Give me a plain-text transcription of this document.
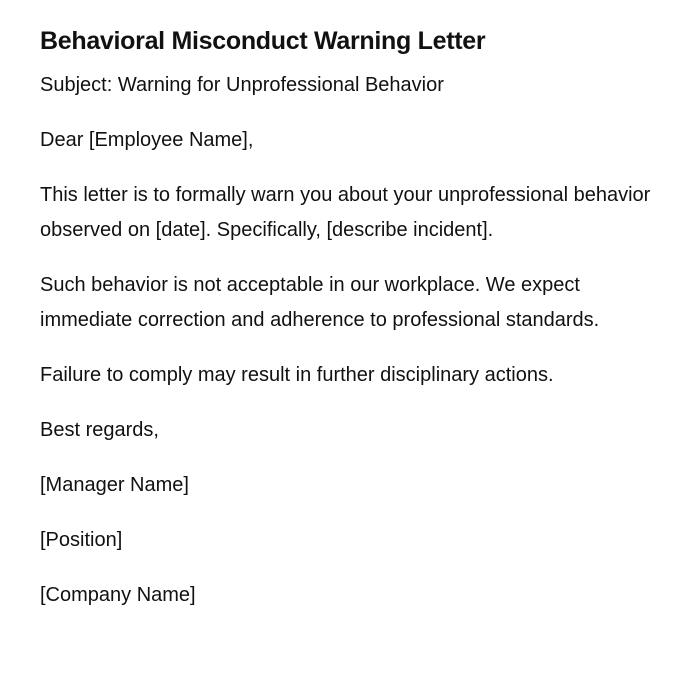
Behavioral Misconduct Warning Letter

Subject: Warning for Unprofessional Behavior

Dear [Employee Name],

This letter is to formally warn you about your unprofessional behavior observed on [date]. Specifically, [describe incident].

Such behavior is not acceptable in our workplace. We expect immediate correction and adherence to professional standards.

Failure to comply may result in further disciplinary actions.

Best regards,

[Manager Name]

[Position]

[Company Name]
